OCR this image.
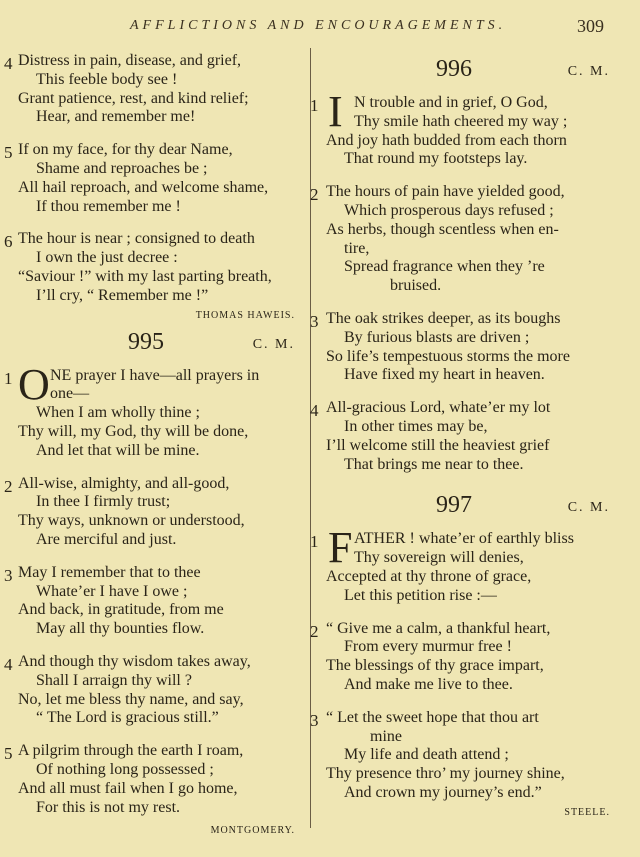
AFFLICTIONS AND ENCOURAGEMENTS.	309
4 Distress in pain, disease, and grief,
This feeble body see !
Grant patience, rest, and kind relief;
Hear, and remember me!
5 If on my face, for thy dear Name,
Shame and reproaches be ;
All hail reproach, and welcome shame,
If thou remember me !
6 The hour is near ; consigned to death
I own the just decree :
“Saviour !” with my last parting breath,
I’ll cry, “ Remember me !”
THOMAS HAWEIS.
995	C. M.
1 O NE prayer I have—all prayers in
one—
When I am wholly thine ;
Thy will, my God, thy will be done,
And let that will be mine.
2 All-wise, almighty, and all-good,
In thee I firmly trust;
Thy ways, unknown or understood,
Are merciful and just.
3 May I remember that to thee
Whate’er I have I owe ;
And back, in gratitude, from me
May all thy bounties flow.
4 And though thy wisdom takes away,
Shall I arraign thy will ?
No, let me bless thy name, and say,
“ The Lord is gracious still.”
5 A pilgrim through the earth I roam,
Of nothing long possessed ;
And all must fail when I go home,
For this is not my rest.
MONTGOMERY.
996	C. M.
1 I N trouble and in grief, O God,
Thy smile hath cheered my way ;
And joy hath budded from each thorn
That round my footsteps lay.
2 The hours of pain have yielded good,
Which prosperous days refused ;
As herbs, though scentless when en-
tire,
Spread fragrance when they ’re
bruised.
3 The oak strikes deeper, as its boughs
By furious blasts are driven ;
So life’s tempestuous storms the more
Have fixed my heart in heaven.
4 All-gracious Lord, whate’er my lot
In other times may be,
I’ll welcome still the heaviest grief
That brings me near to thee.
997	C. M.
1 F ATHER ! whate’er of earthly bliss
Thy sovereign will denies,
Accepted at thy throne of grace,
Let this petition rise :—
2 “ Give me a calm, a thankful heart,
From every murmur free !
The blessings of thy grace impart,
And make me live to thee.
3 “ Let the sweet hope that thou art
mine
My life and death attend ;
Thy presence thro’ my journey shine,
And crown my journey’s end.”
STEELE.
